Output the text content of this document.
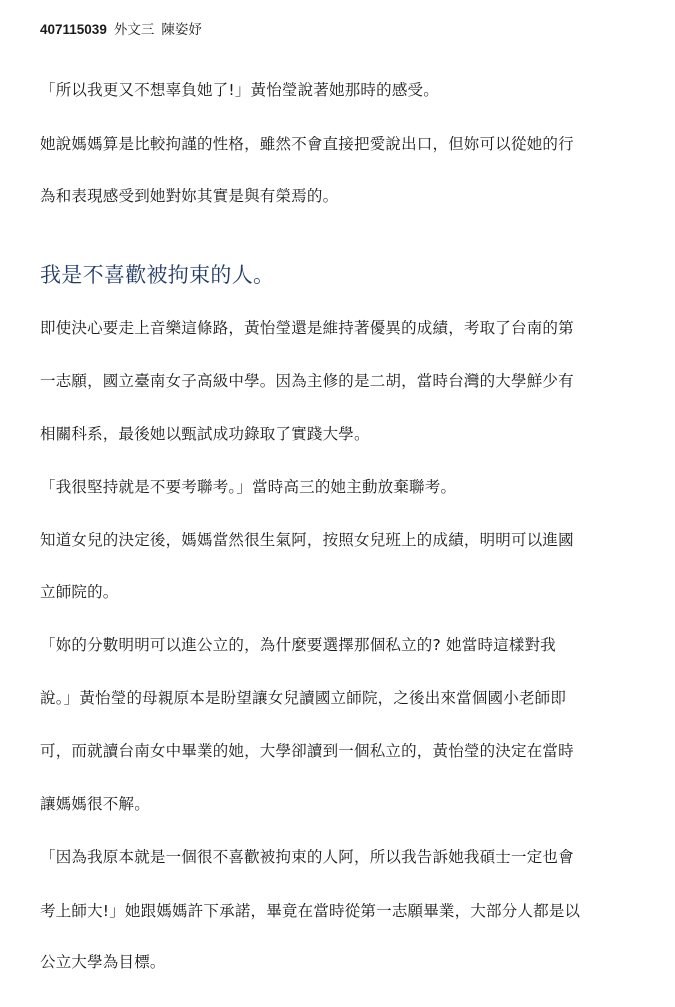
407115039 外文三 陳姿妤
「所以我更又不想辜負她了!」黃怡瑩說著她那時的感受。
她說媽媽算是比較拘謹的性格，雖然不會直接把愛說出口，但妳可以從她的行
為和表現感受到她對妳其實是與有榮焉的。
我是不喜歡被拘束的人。
即使決心要走上音樂這條路，黃怡瑩還是維持著優異的成績，考取了台南的第
一志願，國立臺南女子高級中學。因為主修的是二胡，當時台灣的大學鮮少有
相關科系，最後她以甄試成功錄取了實踐大學。
「我很堅持就是不要考聯考。」當時高三的她主動放棄聯考。
知道女兒的決定後，媽媽當然很生氣阿，按照女兒班上的成績，明明可以進國
立師院的。
「妳的分數明明可以進公立的，為什麼要選擇那個私立的? 她當時這樣對我
說。」黃怡瑩的母親原本是盼望讓女兒讀國立師院，之後出來當個國小老師即
可，而就讀台南女中畢業的她，大學卻讀到一個私立的，黃怡瑩的決定在當時
讓媽媽很不解。
「因為我原本就是一個很不喜歡被拘束的人阿，所以我告訴她我碩士一定也會
考上師大!」她跟媽媽許下承諾，畢竟在當時從第一志願畢業，大部分人都是以
公立大學為目標。
